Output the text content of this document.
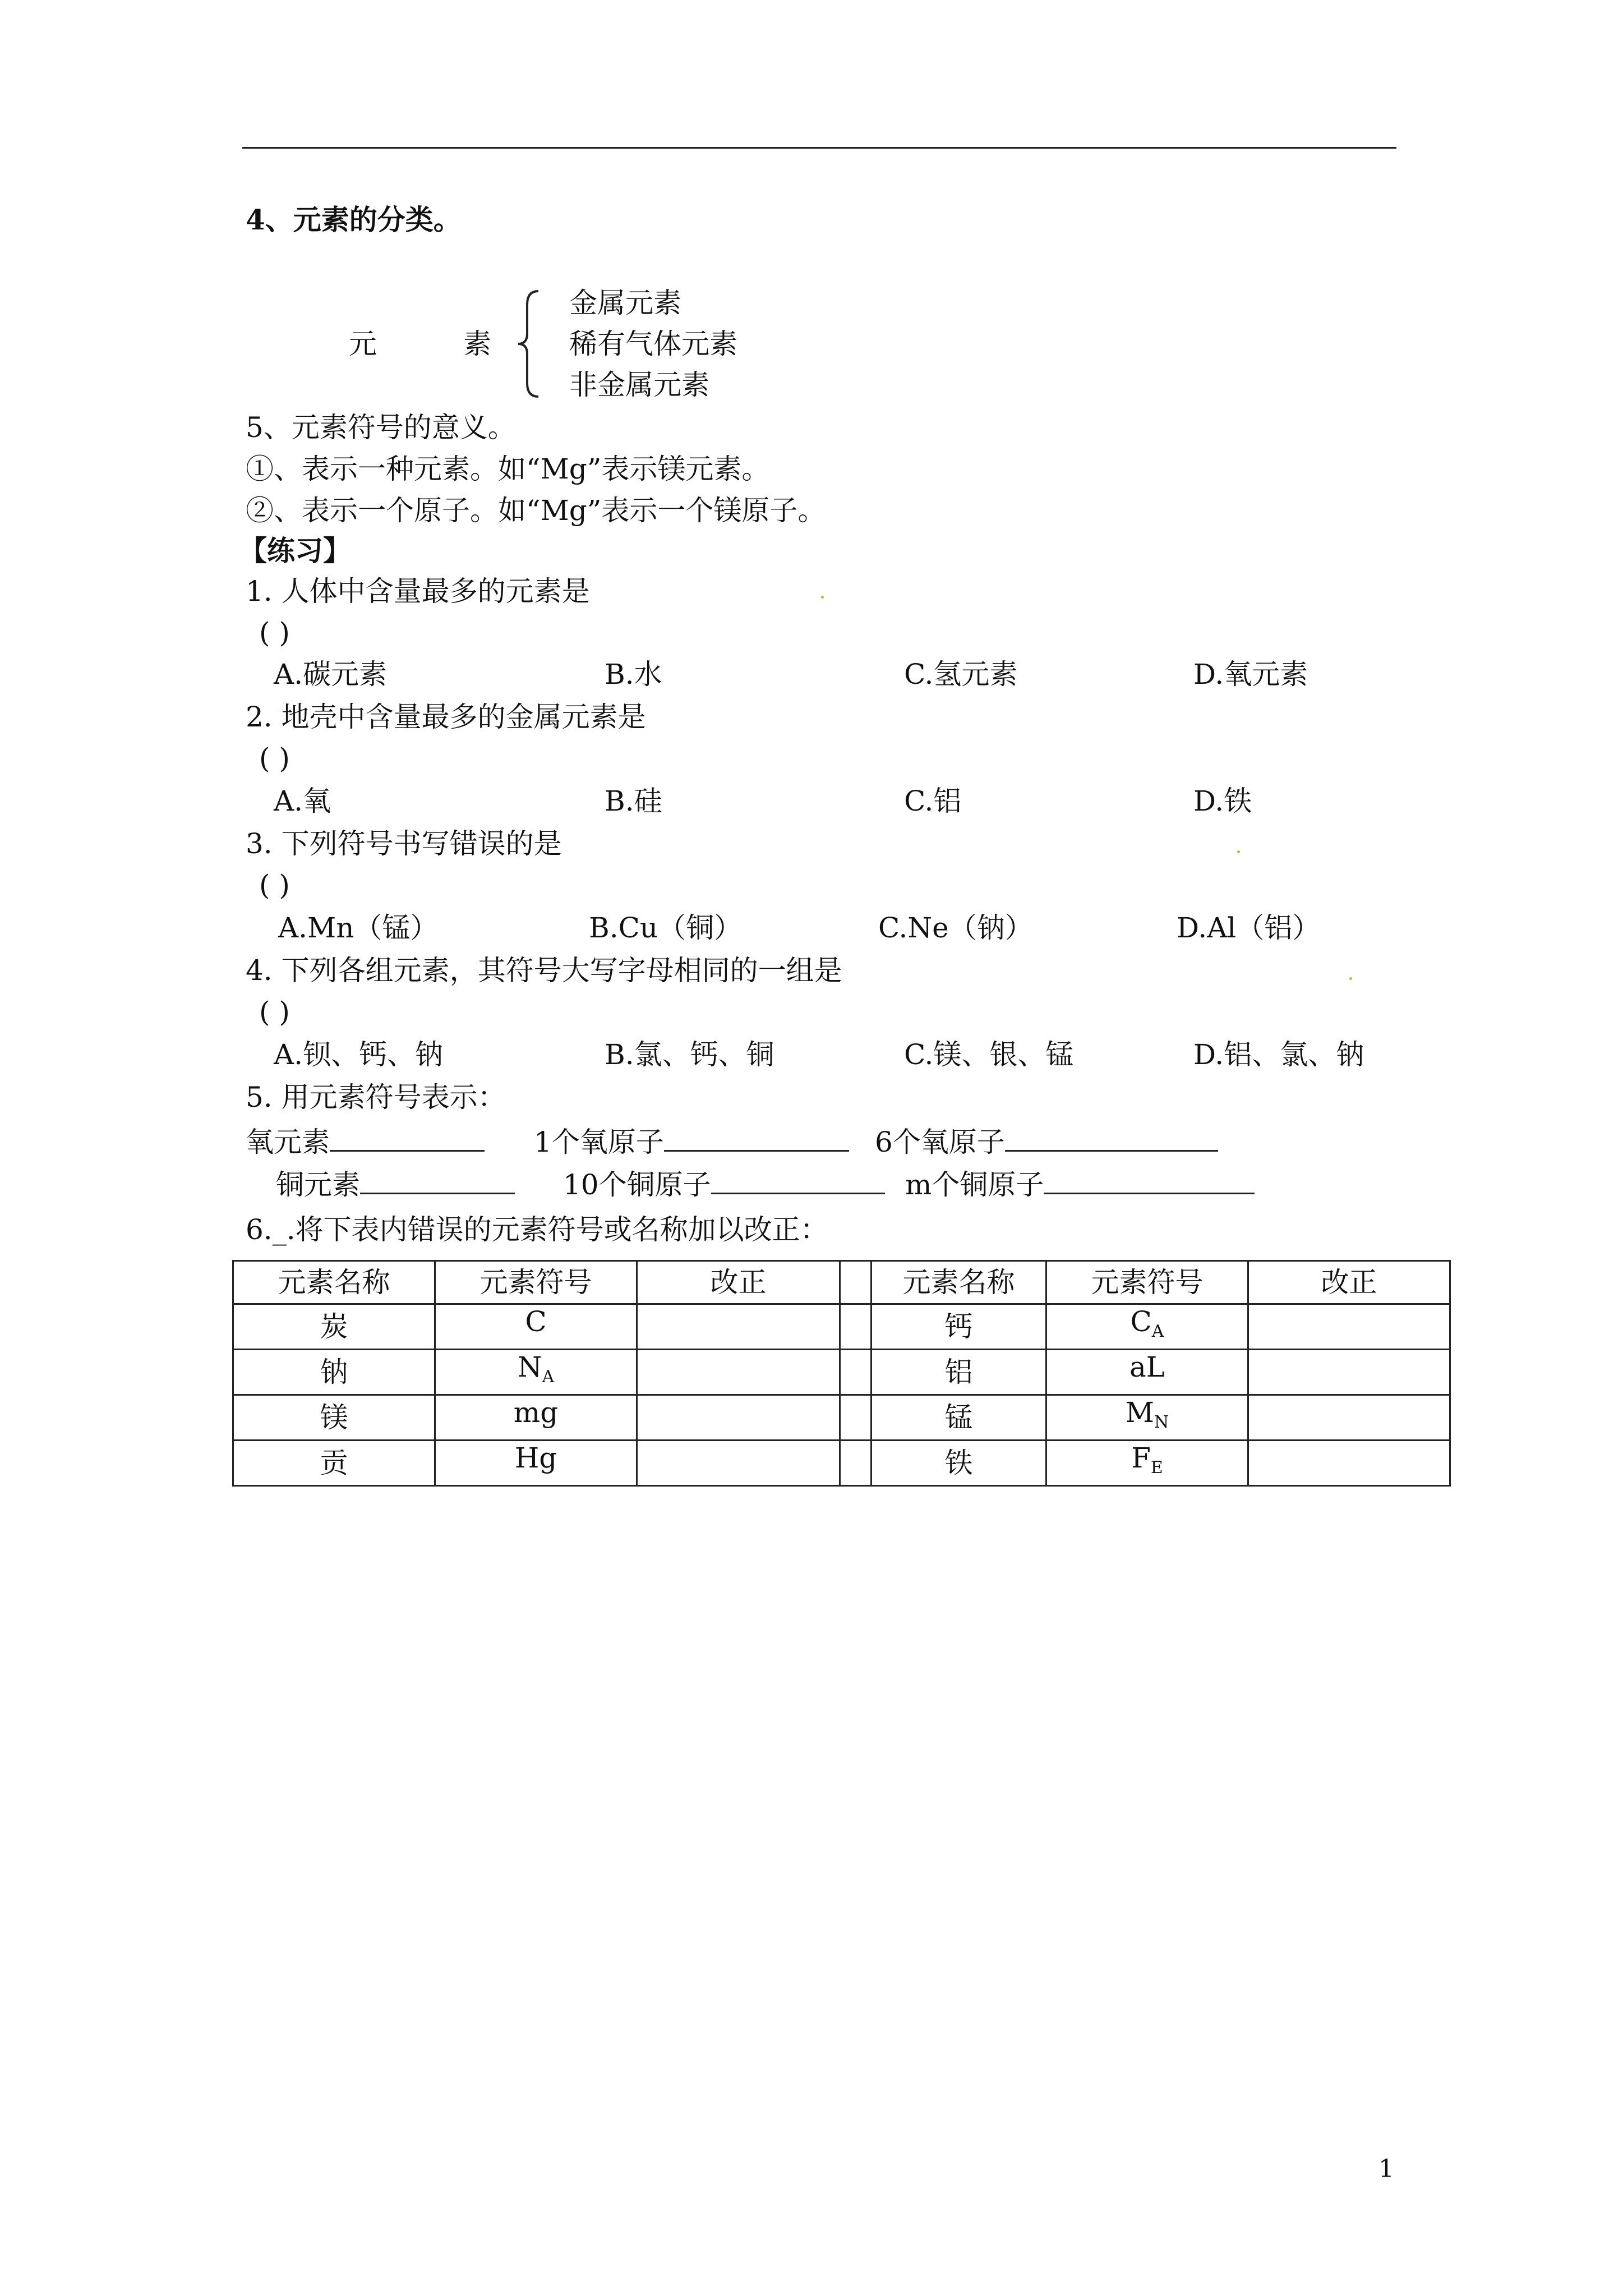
4、元素的分类。
元	素
金属元素
稀有气体元素
非金属元素
5、元素符号的意义。
①、表示一种元素。如“Mg”表示镁元素。
②、表示一个原子。如“Mg”表示一个镁原子。
【练习】
1. 人体中含量最多的元素是
( )
A.碳元素	B.水	C.氢元素	D.氧元素
2. 地壳中含量最多的金属元素是
( )
A.氧	B.硅	C.铝	D.铁
3. 下列符号书写错误的是
( )
A.Mn（锰）	B.Cu（铜）	C.Ne（钠）	D.Al（铝）
4. 下列各组元素，其符号大写字母相同的一组是
( )
A.钡、钙、钠	B.氯、钙、铜	C.镁、银、锰	D.铝、氯、钠
5. 用元素符号表示：
氧元素	1个氧原子	6个氧原子
铜元素	10个铜原子	m个铜原子
6._.将下表内错误的元素符号或名称加以改正：
元素名称	元素符号	改正		元素名称	元素符号	改正
炭	C			钙	$C_A$	
钠	$N_A$			铝	aL	
镁	mg			锰	$M_N$	
贡	Hg			铁	$F_E$	
1
